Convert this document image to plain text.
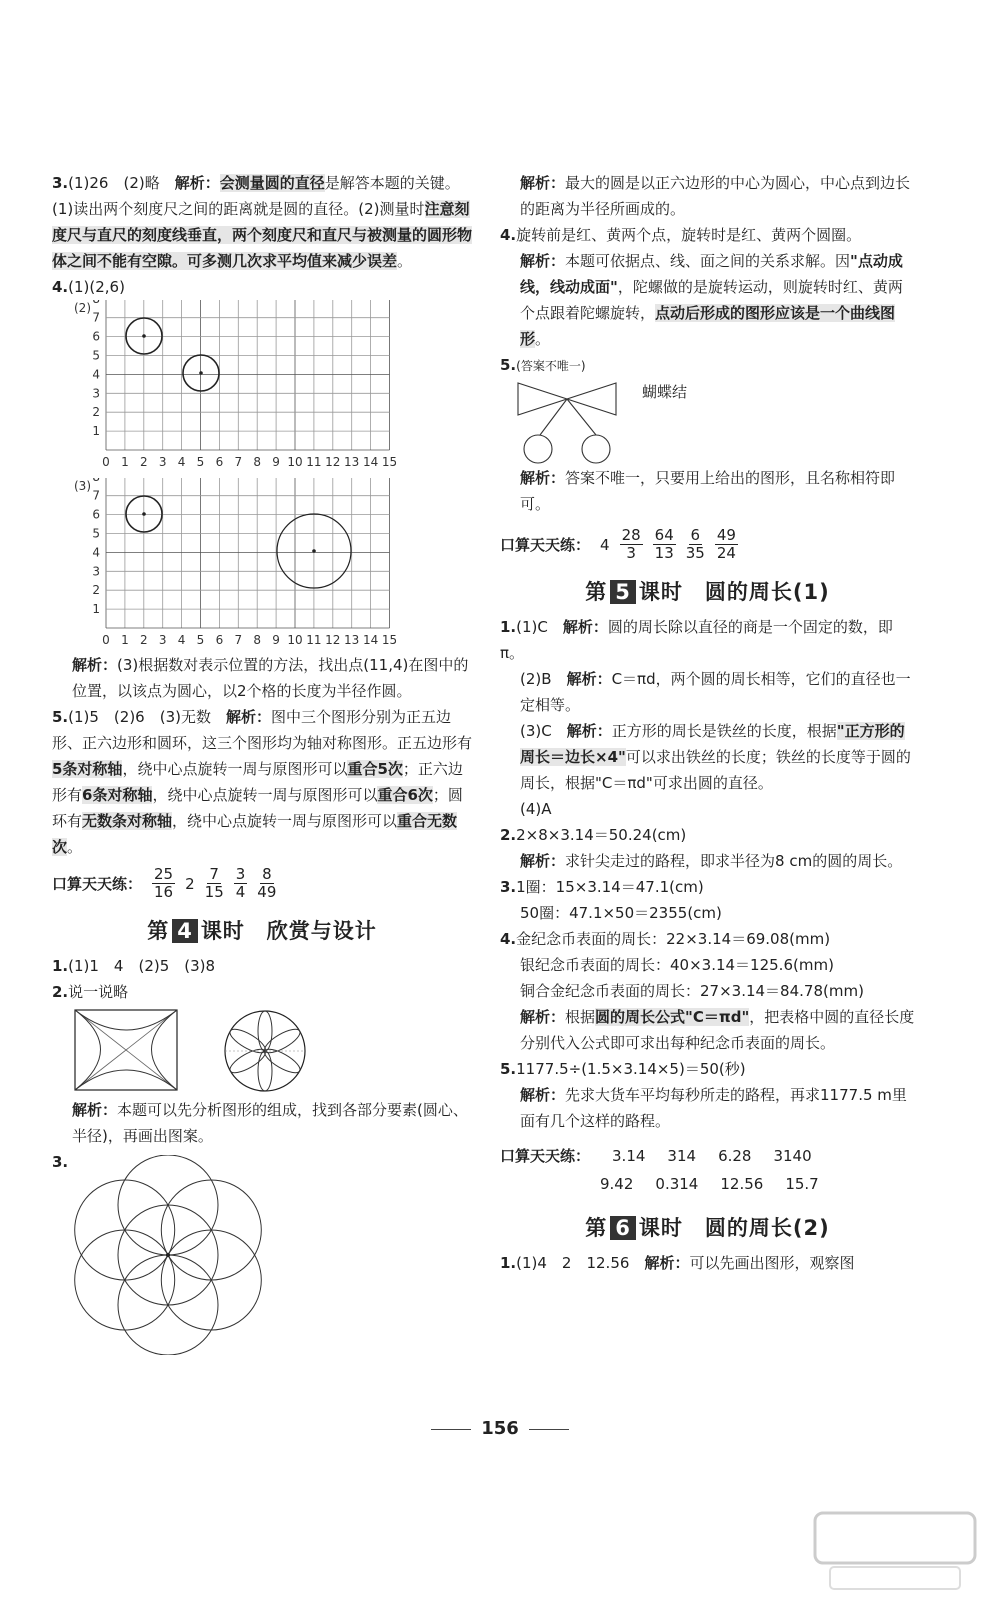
3.(1)26　(2)略　 解析：会测量圆的直径是解答本题的关键。(1)读出两个刻度尺之间的距离就是圆的直径。(2)测量时注意刻度尺与直尺的刻度线垂直，两个刻度尺和直尺与被测量的圆形物体之间不能有空隙。可多测几次求平均值来减少误差。

4.(1)(2,6)

0 1 2 3 4 5 6 7 8 9 10 11 12 13 14 15
1
2
3
4
5
6
7
(2)
0 1 2 3 4 5 6 7 8 9 10 11 12 13 14 15
1
2
3
4
5
6
7
(3)

解析：(3)根据数对表示位置的方法，找出点(11,4)在图中的位置，以该点为圆心，以2个格的长度为半径作圆。

5.(1)5　(2)6　(3)无数　 解析：图中三个图形分别为正五边形、正六边形和圆环，这三个图形均为轴对称图形。正五边形有5条对称轴，绕中心点旋转一周与原图形可以重合5次；正六边形有6条对称轴，绕中心点旋转一周与原图形可以重合6次；圆环有无数条对称轴，绕中心点旋转一周与原图形可以重合无数次。

口算天天练： $\frac{25}{16} 2 \frac{7}{15} \frac{3}{4} \frac{8}{49}$
第 4 课时　欣赏与设计

1.(1)1　4　(2)5　(3)8

2.说一说略

解析：本题可以先分析图形的组成，找到各部分要素(圆心、半径)，再画出图案。

3.

解析：最大的圆是以正六边形的中心为圆心，中心点到边长的距离为半径所画成的。

4.旋转前是红、黄两个点，旋转时是红、黄两个圆圈。

解析：本题可依据点、线、面之间的关系求解。因"点动成线，线动成面"，陀螺做的是旋转运动，则旋转时红、黄两个点跟着陀螺旋转，点动后形成的图形应该是一个曲线图形。

5.(答案不唯一)

蝴蝶结

解析：答案不唯一，只要用上给出的图形，且名称相符即可。

口算天天练： $4 \frac{28}{3} \frac{64}{13} \frac{6}{35} \frac{49}{24}$
第 5 课时　圆的周长(1)

1.(1)C　 解析：圆的周长除以直径的商是一个固定的数，即π。

(2)B　 解析：C＝πd，两个圆的周长相等，它们的直径也一定相等。

(3)C　 解析：正方形的周长是铁丝的长度，根据"正方形的周长＝边长×4"可以求出铁丝的长度；铁丝的长度等于圆的周长，根据"C＝πd"可求出圆的直径。

(4)A

2.2×8×3.14＝50.24(cm)

解析：求针尖走过的路程，即求半径为8 cm的圆的周长。

3.1圈：15×3.14＝47.1(cm)

50圈：47.1×50＝2355(cm)

4.金纪念币表面的周长：22×3.14＝69.08(mm)

银纪念币表面的周长：40×3.14＝125.6(mm)

铜合金纪念币表面的周长：27×3.14＝84.78(mm)

解析：根据圆的周长公式"C＝πd"，把表格中圆的直径长度分别代入公式即可求出每种纪念币表面的周长。

5.1177.5÷(1.5×3.14×5)＝50(秒)

解析：先求大货车平均每秒所走的路程，再求1177.5 m里面有几个这样的路程。

口算天天练： 3.14 314 6.28 3140
9.42 0.314 12.56 15.7
第 6 课时　圆的周长(2)

1.(1)4　2　12.56　 解析：可以先画出图形，观察图

156
